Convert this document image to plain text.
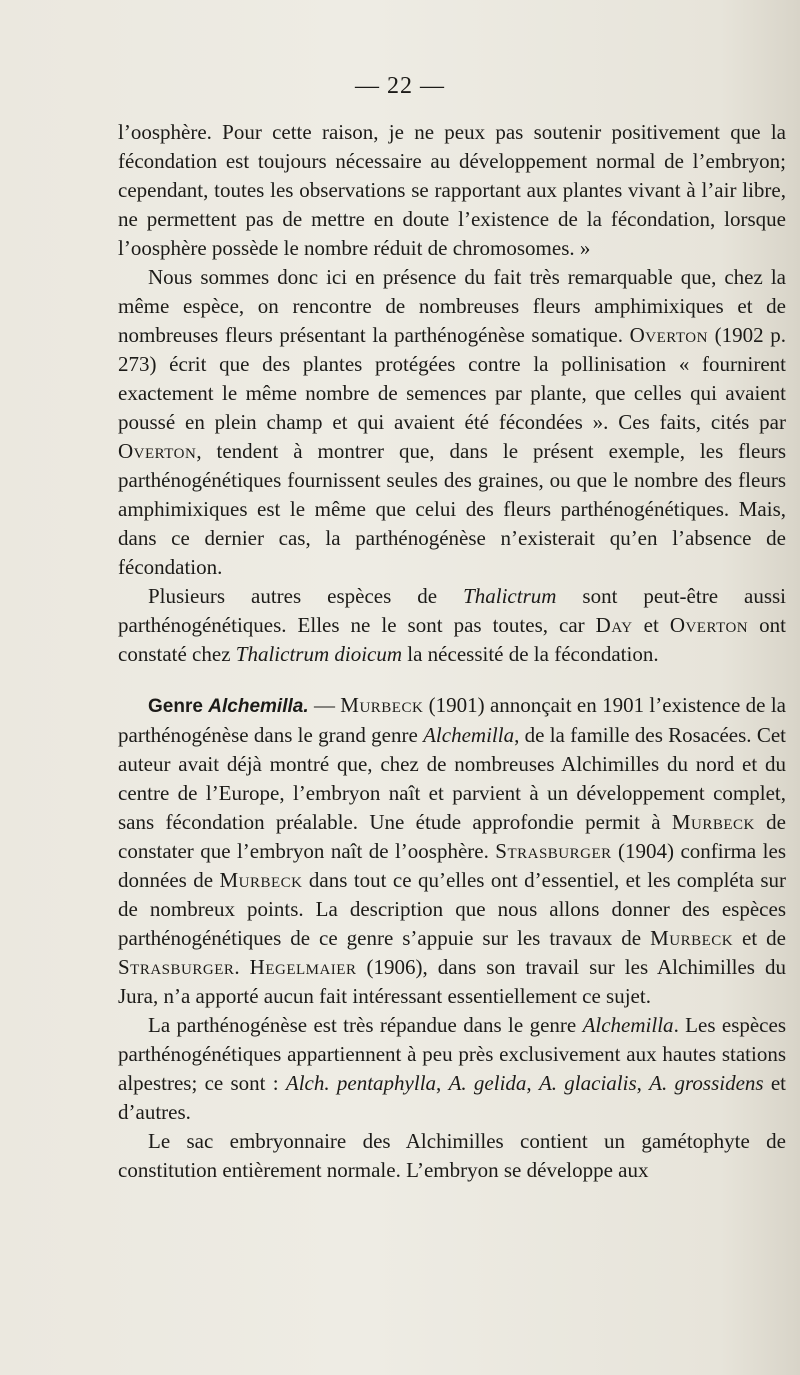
— 22 —

l’oosphère. Pour cette raison, je ne peux pas soutenir positivement que la fécondation est toujours nécessaire au développement normal de l’embryon; cependant, toutes les observations se rapportant aux plantes vivant à l’air libre, ne permettent pas de mettre en doute l’existence de la fécondation, lorsque l’oosphère possède le nombre réduit de chromosomes. »

Nous sommes donc ici en présence du fait très remarquable que, chez la même espèce, on rencontre de nombreuses fleurs amphimixiques et de nombreuses fleurs présentant la parthénogénèse somatique. Overton (1902 p. 273) écrit que des plantes protégées contre la pollinisation « fournirent exactement le même nombre de semences par plante, que celles qui avaient poussé en plein champ et qui avaient été fécondées ». Ces faits, cités par Overton, tendent à montrer que, dans le présent exemple, les fleurs parthénogénétiques fournissent seules des graines, ou que le nombre des fleurs amphimixiques est le même que celui des fleurs parthénogénétiques. Mais, dans ce dernier cas, la parthénogénèse n’existerait qu’en l’absence de fécondation.

Plusieurs autres espèces de Thalictrum sont peut-être aussi parthénogénétiques. Elles ne le sont pas toutes, car Day et Overton ont constaté chez Thalictrum dioicum la nécessité de la fécondation.

Genre Alchemilla. — Murbeck (1901) annonçait en 1901 l’existence de la parthénogénèse dans le grand genre Alchemilla, de la famille des Rosacées. Cet auteur avait déjà montré que, chez de nombreuses Alchimilles du nord et du centre de l’Europe, l’embryon naît et parvient à un développement complet, sans fécondation préalable. Une étude approfondie permit à Murbeck de constater que l’embryon naît de l’oosphère. Strasburger (1904) confirma les données de Murbeck dans tout ce qu’elles ont d’essentiel, et les compléta sur de nombreux points. La description que nous allons donner des espèces parthénogénétiques de ce genre s’appuie sur les travaux de Murbeck et de Strasburger. Hegelmaier (1906), dans son travail sur les Alchimilles du Jura, n’a apporté aucun fait intéressant essentiellement ce sujet.

La parthénogénèse est très répandue dans le genre Alchemilla. Les espèces parthénogénétiques appartiennent à peu près exclusivement aux hautes stations alpestres; ce sont : Alch. pentaphylla, A. gelida, A. glacialis, A. grossidens et d’autres.

Le sac embryonnaire des Alchimilles contient un gamétophyte de constitution entièrement normale. L’embryon se développe aux
